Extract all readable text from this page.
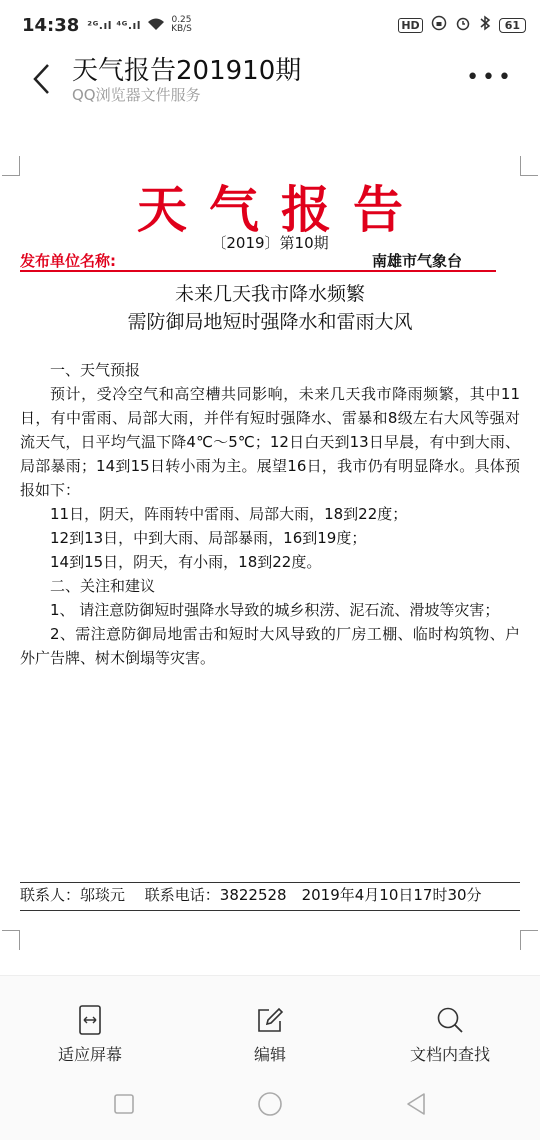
14:38 ²ᴳ.ıl ⁴ᴳ.ıl	0.25
KB/S	HD	61
天气报告201910期
QQ浏览器文件服务
•••
天气报告
〔2019〕第10期
发布单位名称:	南雄市气象台
未来几天我市降水频繁
需防御局地短时强降水和雷雨大风

一、天气预报

预计，受冷空气和高空槽共同影响，未来几天我市降雨频繁，其中11日，有中雷雨、局部大雨，并伴有短时强降水、雷暴和8级左右大风等强对流天气，日平均气温下降4℃～5℃；12日白天到13日早晨，有中到大雨、局部暴雨；14到15日转小雨为主。展望16日，我市仍有明显降水。具体预报如下：

11日，阴天，阵雨转中雷雨、局部大雨，18到22度；

12到13日，中到大雨、局部暴雨，16到19度；

14到15日，阴天，有小雨，18到22度。

二、关注和建议

1、 请注意防御短时强降水导致的城乡积涝、泥石流、滑坡等灾害；

2、需注意防御局地雷击和短时大风导致的厂房工棚、临时构筑物、户外广告牌、树木倒塌等灾害。

联系人：邬琰元　 联系电话：3822528　2019年4月10日17时30分
适应屏幕	编辑	文档内查找
